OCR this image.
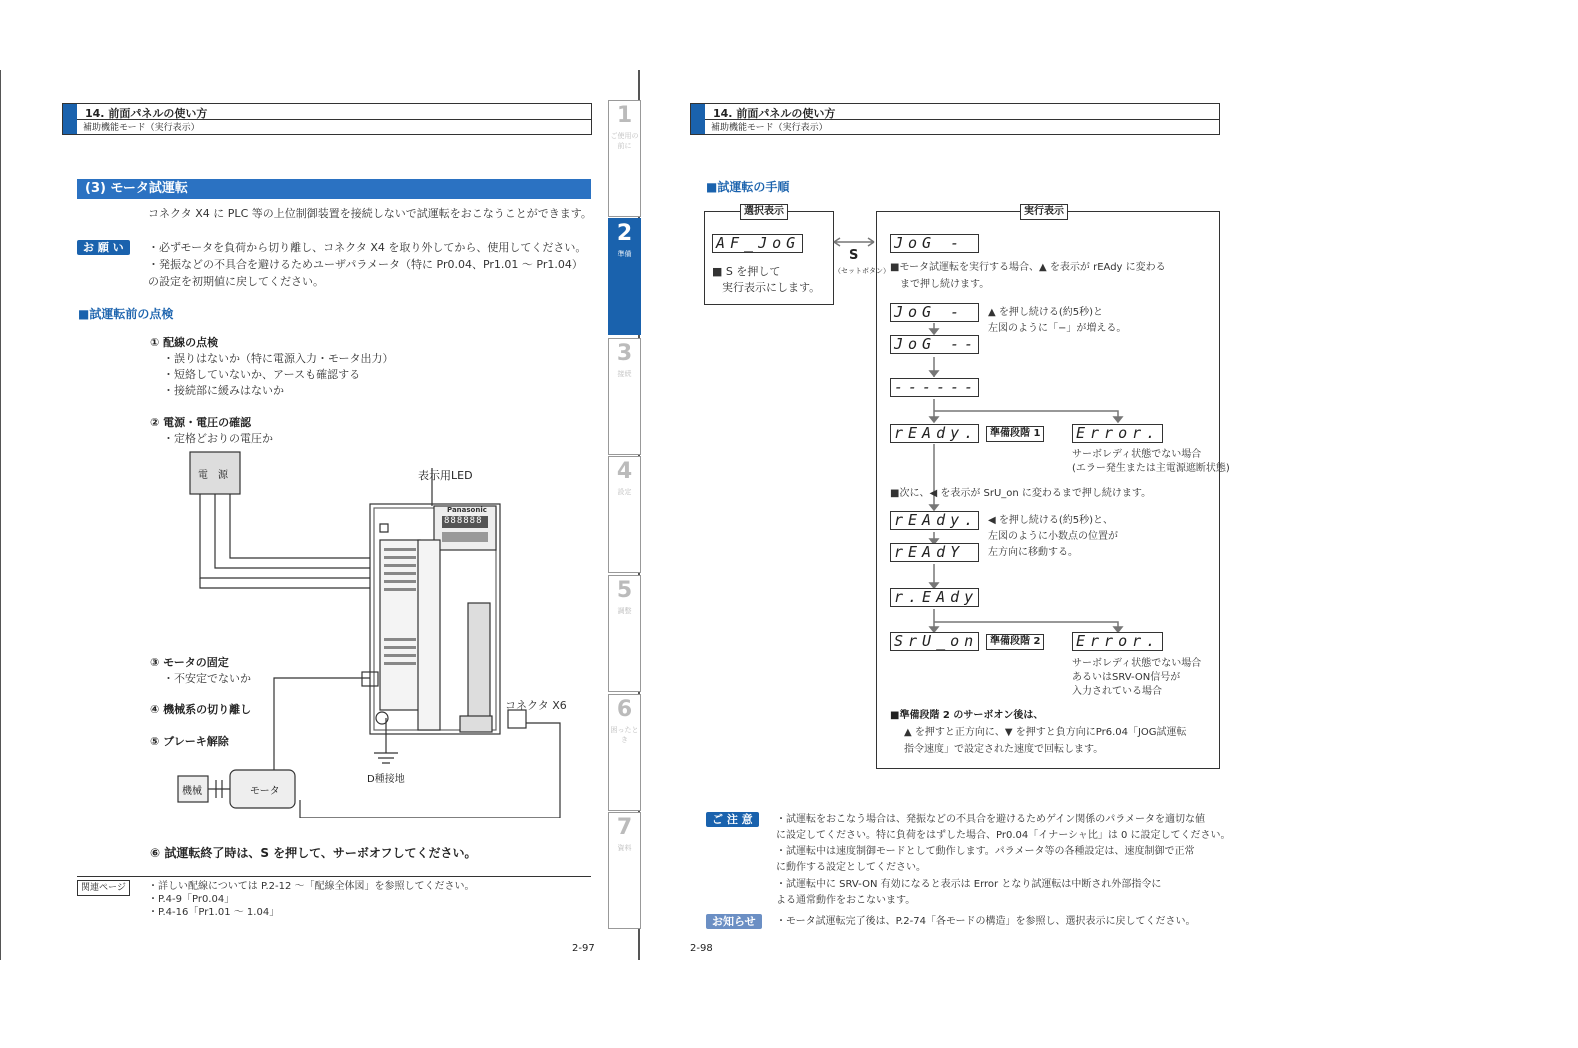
14. 前面パネルの使い方
補助機能モード（実行表示）
(3) モータ試運転
コネクタ X4 に PLC 等の上位制御装置を接続しないで試運転をおこなうことができます。
お 願 い	・必ずモータを負荷から切り離し、コネクタ X4 を取り外してから、使用してください。
・発振などの不具合を避けるためユーザパラメータ（特に Pr0.04、Pr1.01 ～ Pr1.04）
の設定を初期値に戻してください。
■試運転前の点検
① 配線の点検
・誤りはないか（特に電源入力・モータ出力）
・短絡していないか、アースも確認する
・接続部に緩みはないか
② 電源・電圧の確認
・定格どおりの電圧か
電　源	表示用LED
Panasonic
888888
③ モータの固定
・不安定でないか
④ 機械系の切り離し
⑤ ブレーキ解除
コネクタ X6
D種接地
機械	モータ
⑥ 試運転終了時は、S を押して、サーボオフしてください。
関連ページ	・詳しい配線については P.2-12 ～「配線全体図」を参照してください。
・P.4-9「Pr0.04」
・P.4-16「Pr1.01 ～ 1.04」
2-97
1
ご使用の前に
2
準備
3
接続
4
設定
5
調整
6
困ったとき
7
資料
14. 前面パネルの使い方
補助機能モード（実行表示）
■試運転の手順
選択表示
AF_JoG
■ S を押して
実行表示にします。
S
（セットボタン）
実行表示
JoG -
■モータ試運転を実行する場合、▲ を表示が rEAdy に変わる
まで押し続けます。
JoG -
JoG --
▲ を押し続ける(約5秒)と
左図のように「−」が増える。
------
rEAdy.	準備段階 1 Error.
サーボレディ状態でない場合
(エラー発生または主電源遮断状態)
■次に、◀ を表示が SrU_on に変わるまで押し続けます。
rEAdy.
rEAdY
◀ を押し続ける(約5秒)と、
左図のように小数点の位置が
左方向に移動する。
r.EAdy
SrU_on	準備段階 2 Error.
サーボレディ状態でない場合
あるいはSRV-ON信号が
入力されている場合
■準備段階 2 のサーボオン後は、
▲ を押すと正方向に、▼ を押すと負方向にPr6.04「JOG試運転
指令速度」で設定された速度で回転します。
ご 注 意	・試運転をおこなう場合は、発振などの不具合を避けるためゲイン関係のパラメータを適切な値
に設定してください。特に負荷をはずした場合、Pr0.04「イナーシャ比」は 0 に設定してください。
・試運転中は速度制御モードとして動作します。パラメータ等の各種設定は、速度制御で正常
に動作する設定としてください。
・試運転中に SRV-ON 有効になると表示は Error となり試運転は中断され外部指令に
よる通常動作をおこないます。
お知らせ	・モータ試運転完了後は、P.2-74「各モードの構造」を参照し、選択表示に戻してください。
2-98
